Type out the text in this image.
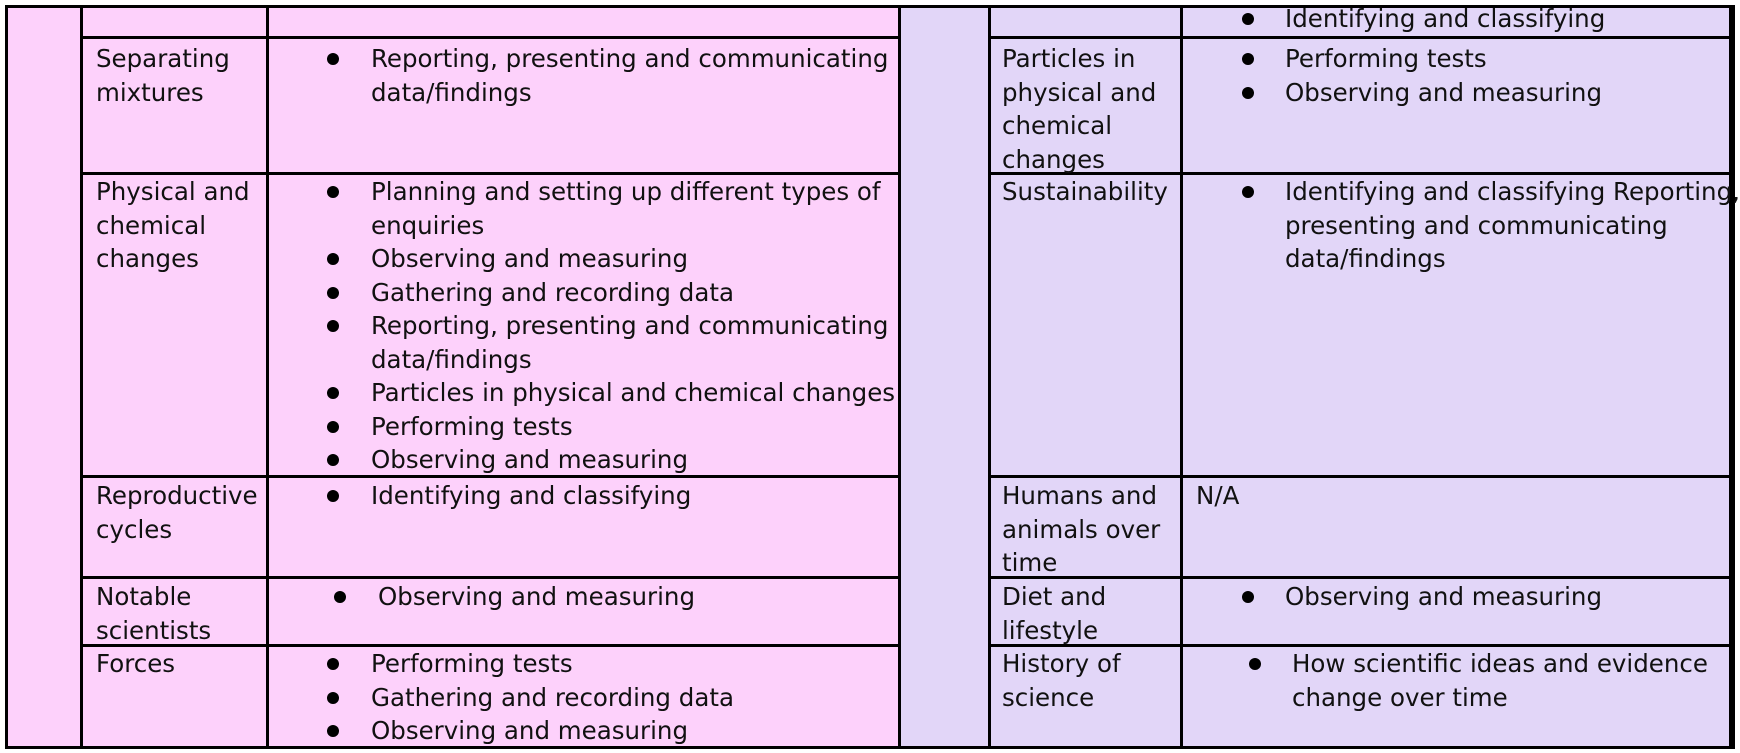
Separating
mixtures
Reporting, presenting and communicating
data/findings
Physical and
chemical
changes
Planning and setting up different types of
enquiries
Observing and measuring
Gathering and recording data
Reporting, presenting and communicating
data/findings
Particles in physical and chemical changes
Performing tests
Observing and measuring
Reproductive
cycles
Identifying and classifying
Notable
scientists
Observing and measuring
Forces	Performing tests
Gathering and recording data
Observing and measuring
Identifying and classifying
Particles in
physical and
chemical
changes
Performing tests
Observing and measuring
Sustainability	Identifying and classifying Reporting,
presenting and communicating
data/findings
Humans and
animals over
time
N/A
Diet and
lifestyle
Observing and measuring
History of
science
How scientific ideas and evidence
change over time
